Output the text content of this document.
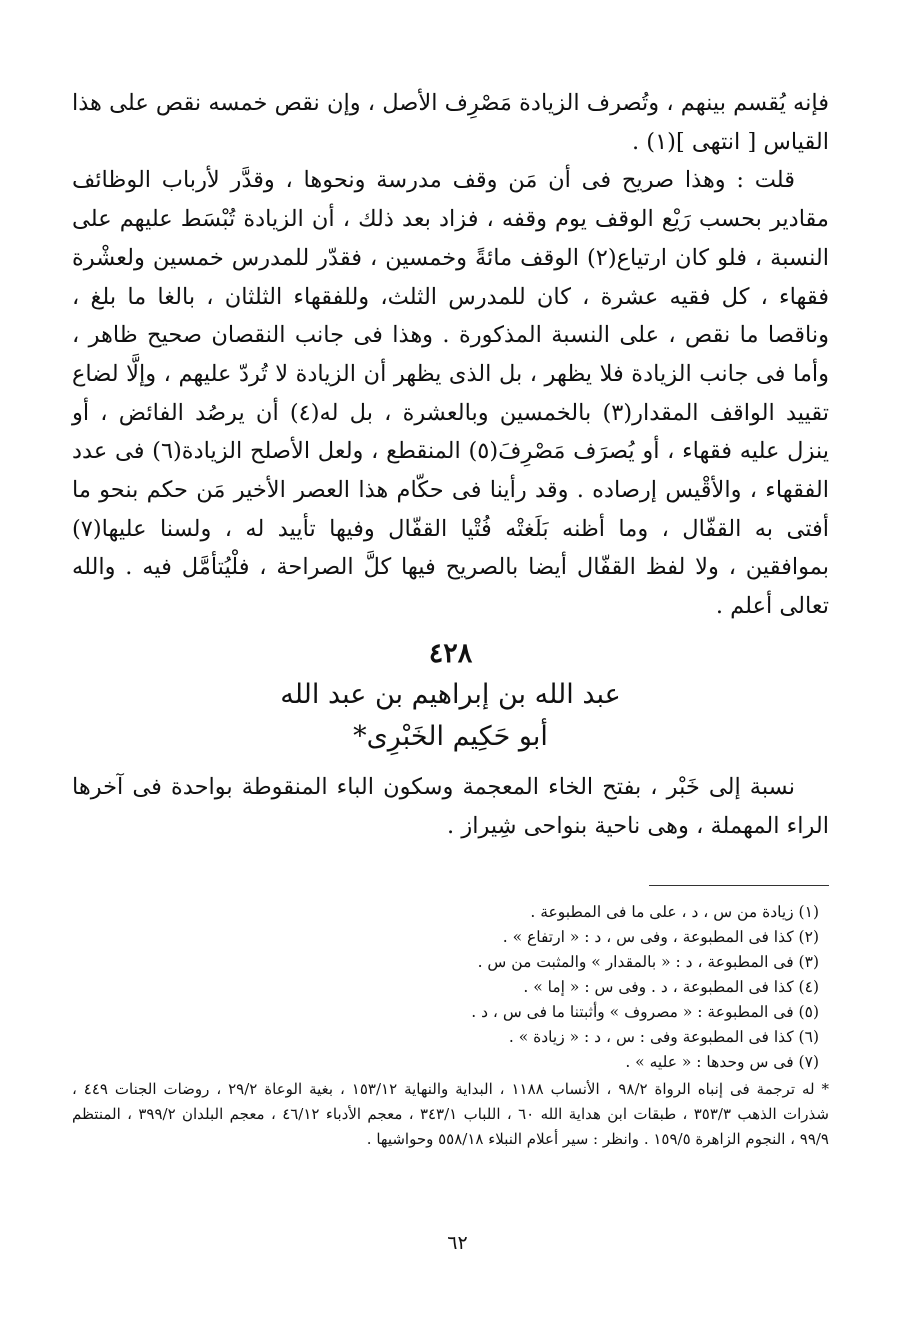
فإنه يُقسم بينهم ، وتُصرف الزيادة مَصْرِف الأصل ، وإن نقص خمسه نقص على هذا القياس [ انتهى ](١) .

قلت : وهذا صريح فى أن مَن وقف مدرسة ونحوها ، وقدَّر لأرباب الوظائف مقادير بحسب رَيْع الوقف يوم وقفه ، فزاد بعد ذلك ، أن الزيادة تُبْسَط عليهم على النسبة ، فلو كان ارتياع(٢) الوقف مائةً وخمسين ، فقدّر للمدرس خمسين ولعشْرة فقهاء ، كل فقيه عشرة ، كان للمدرس الثلث، وللفقهاء الثلثان ، بالغا ما بلغ ، وناقصا ما نقص ، على النسبة المذكورة . وهذا فى جانب النقصان صحيح ظاهر ، وأما فى جانب الزيادة فلا يظهر ، بل الذى يظهر أن الزيادة لا تُردّ عليهم ، وإلَّا لضاع تقييد الواقف المقدار(٣) بالخمسين وبالعشرة ، بل له(٤) أن يرصُد الفائض ، أو ينزل عليه فقهاء ، أو يُصرَف مَصْرِفَ(٥) المنقطع ، ولعل الأصلح الزيادة(٦) فى عدد الفقهاء ، والأقْيس إرصاده . وقد رأينا فى حكّام هذا العصر الأخير مَن حكم بنحو ما أفتى به القفّال ، وما أظنه بَلَغتْه فُتْيا القفّال وفيها تأييد له ، ولسنا عليها(٧) بموافقين ، ولا لفظ القفّال أيضا بالصريح فيها كلَّ الصراحة ، فلْيُتأمَّل فيه . والله تعالى أعلم .

٤٢٨
عبد الله بن إبراهيم بن عبد الله
أبو حَكِيم الخَبْرِى*

نسبة إلى خَبْر ، بفتح الخاء المعجمة وسكون الباء المنقوطة بواحدة فى آخرها الراء المهملة ، وهى ناحية بنواحى شِيراز .

(١) زيادة من س ، د ، على ما فى المطبوعة .

(٢) كذا فى المطبوعة ، وفى س ، د : « ارتفاع » .

(٣) فى المطبوعة ، د : « بالمقدار » والمثبت من س .

(٤) كذا فى المطبوعة ، د . وفى س : « إما » .

(٥) فى المطبوعة : « مصروف » وأثبتنا ما فى س ، د .

(٦) كذا فى المطبوعة وفى : س ، د : « زيادة » .

(٧) فى س وحدها : « عليه » .

* له ترجمة فى إنباه الرواة ٩٨/٢ ، الأنساب ١١٨٨ ، البداية والنهاية ١٥٣/١٢ ، بغية الوعاة ٢٩/٢ ، روضات الجنات ٤٤٩ ، شذرات الذهب ٣٥٣/٣ ، طبقات ابن هداية الله ٦٠ ، اللباب ٣٤٣/١ ، معجم الأدباء ٤٦/١٢ ، معجم البلدان ٣٩٩/٢ ، المنتظم ٩٩/٩ ، النجوم الزاهرة ١٥٩/٥ . وانظر : سير أعلام النبلاء ٥٥٨/١٨ وحواشيها .

٦٢
